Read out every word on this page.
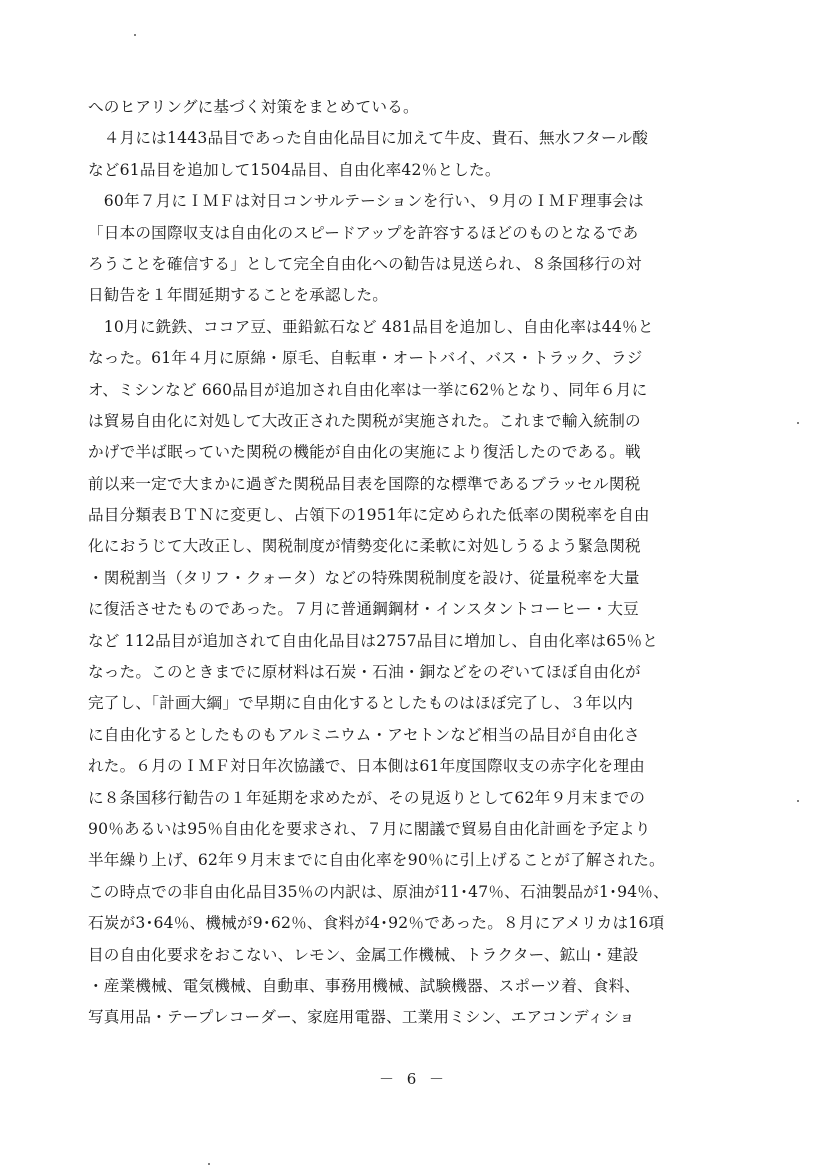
へのヒアリングに基づく対策をまとめている。
　４月には1443品目であった自由化品目に加えて牛皮、貴石、無水フタール酸
など61品目を追加して1504品目、自由化率42％とした。
　60年７月にＩＭＦは対日コンサルテーションを行い、９月のＩＭＦ理事会は
「日本の国際収支は自由化のスピードアップを許容するほどのものとなるであ
ろうことを確信する」として完全自由化への勧告は見送られ、８条国移行の対
日勧告を１年間延期することを承認した。
　10月に銑鉄、ココア豆、亜鉛鉱石など 481品目を追加し、自由化率は44％と
なった。61年４月に原綿・原毛、自転車・オートバイ、バス・トラック、ラジ
オ、ミシンなど 660品目が追加され自由化率は一挙に62％となり、同年６月に
は貿易自由化に対処して大改正された関税が実施された。これまで輸入統制の
かげで半ば眠っていた関税の機能が自由化の実施により復活したのである。戦
前以来一定で大まかに過ぎた関税品目表を国際的な標準であるブラッセル関税
品目分類表ＢＴＮに変更し、占領下の1951年に定められた低率の関税率を自由
化におうじて大改正し、関税制度が情勢変化に柔軟に対処しうるよう緊急関税
・関税割当（タリフ・クォータ）などの特殊関税制度を設け、従量税率を大量
に復活させたものであった。７月に普通鋼鋼材・インスタントコーヒー・大豆
など 112品目が追加されて自由化品目は2757品目に増加し、自由化率は65％と
なった。このときまでに原材料は石炭・石油・銅などをのぞいてほぼ自由化が
完了し、「計画大綱」で早期に自由化するとしたものはほぼ完了し、３年以内
に自由化するとしたものもアルミニウム・アセトンなど相当の品目が自由化さ
れた。６月のＩＭＦ対日年次協議で、日本側は61年度国際収支の赤字化を理由
に８条国移行勧告の１年延期を求めたが、その見返りとして62年９月末までの
90％あるいは95％自由化を要求され、７月に閣議で貿易自由化計画を予定より
半年繰り上げ、62年９月末までに自由化率を90％に引上げることが了解された。
この時点での非自由化品目35％の内訳は、原油が11･47％、石油製品が1･94％、
石炭が3･64％、機械が9･62％、食料が4･92％であった。８月にアメリカは16項
目の自由化要求をおこない、レモン、金属工作機械、トラクター、鉱山・建設
・産業機械、電気機械、自動車、事務用機械、試験機器、スポーツ着、食料、
写真用品・テープレコーダー、家庭用電器、工業用ミシン、エアコンディショ
－ 6 －
